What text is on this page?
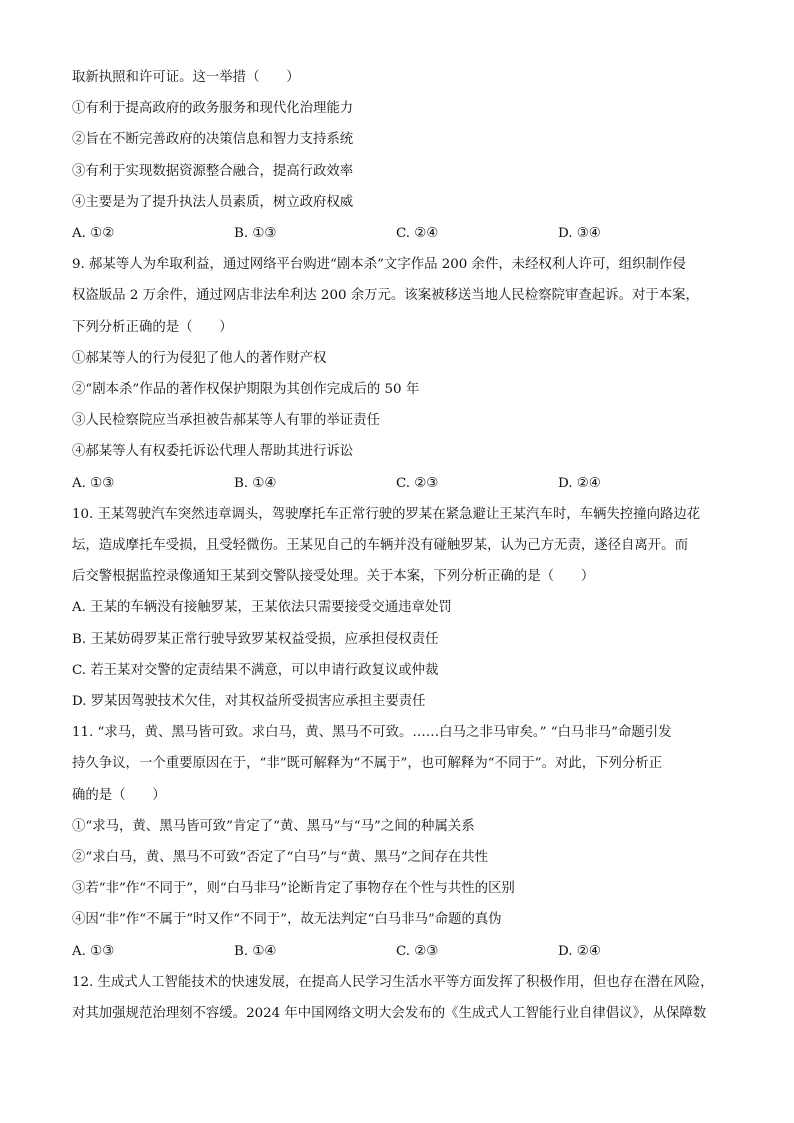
取新执照和许可证。这一举措（　　）
①有利于提高政府的政务服务和现代化治理能力
②旨在不断完善政府的决策信息和智力支持系统
③有利于实现数据资源整合融合，提高行政效率
④主要是为了提升执法人员素质，树立政府权威
A. ①②	B. ①③	C. ②④	D. ③④
9. 郝某等人为牟取利益，通过网络平台购进“剧本杀”文字作品 200 余件，未经权利人许可，组织制作侵
权盗版品 2 万余件，通过网店非法牟利达 200 余万元。该案被移送当地人民检察院审查起诉。对于本案，
下列分析正确的是（　　）
①郝某等人的行为侵犯了他人的著作财产权
②“剧本杀”作品的著作权保护期限为其创作完成后的 50 年
③人民检察院应当承担被告郝某等人有罪的举证责任
④郝某等人有权委托诉讼代理人帮助其进行诉讼
A. ①③	B. ①④	C. ②③	D. ②④
10. 王某驾驶汽车突然违章调头，驾驶摩托车正常行驶的罗某在紧急避让王某汽车时，车辆失控撞向路边花
坛，造成摩托车受损，且受轻微伤。王某见自己的车辆并没有碰触罗某，认为己方无责，遂径自离开。而
后交警根据监控录像通知王某到交警队接受处理。关于本案，下列分析正确的是（　　）
A. 王某的车辆没有接触罗某，王某依法只需要接受交通违章处罚
B. 王某妨碍罗某正常行驶导致罗某权益受损，应承担侵权责任
C. 若王某对交警的定责结果不满意，可以申请行政复议或仲裁
D. 罗某因驾驶技术欠佳，对其权益所受损害应承担主要责任
11. “求马，黄、黑马皆可致。求白马，黄、黑马不可致。……白马之非马审矣。” “白马非马”命题引发
持久争议，一个重要原因在于，“非”既可解释为“不属于”，也可解释为“不同于”。对此，下列分析正
确的是（　　）
①“求马，黄、黑马皆可致”肯定了“黄、黑马”与“马”之间的种属关系
②“求白马，黄、黑马不可致”否定了“白马”与“黄、黑马”之间存在共性
③若“非”作“不同于”，则“白马非马”论断肯定了事物存在个性与共性的区别
④因“非”作“不属于”时又作“不同于”，故无法判定“白马非马”命题的真伪
A. ①③	B. ①④	C. ②③	D. ②④
12. 生成式人工智能技术的快速发展，在提高人民学习生活水平等方面发挥了积极作用，但也存在潜在风险，
对其加强规范治理刻不容缓。2024 年中国网络文明大会发布的《生成式人工智能行业自律倡议》，从保障数
